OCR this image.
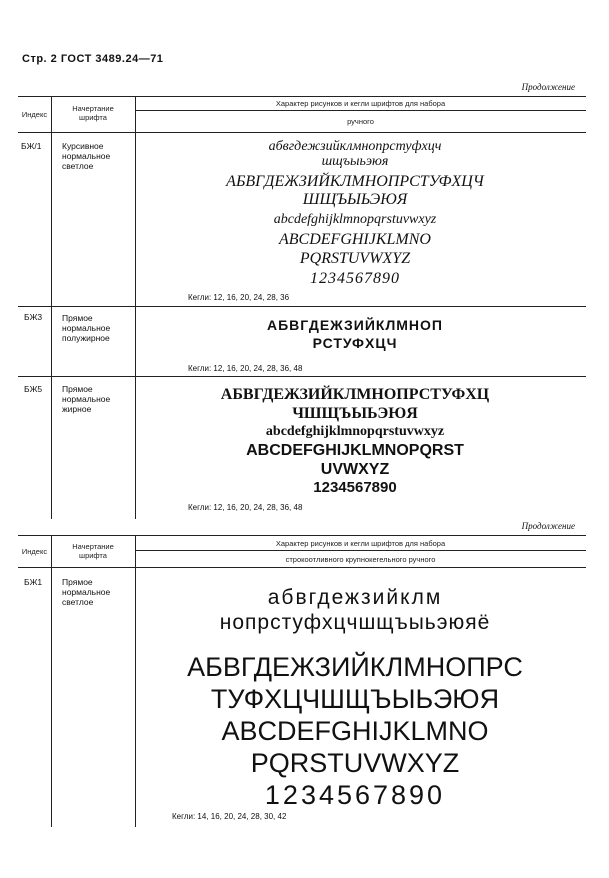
Стр. 2 ГОСТ 3489.24—71
Продолжение
Индекс
Начертание шрифта
Характер рисунков и кегли шрифтов для набора
ручного
БЖ/1 Курсивное нормальное светлое
абвгдежзийклмнопрстуфхцч
шщъыьэюя
АБВГДЕЖЗИЙКЛМНОПРСТУФХЦЧ
ШЩЪЫЬЭЮЯ
abcdefghijklmnopqrstuvwxyz
ABCDEFGHIJKLMNO
PQRSTUVWXYZ
1234567890
Кегли: 12, 16, 20, 24, 28, 36
БЖ3 Прямое нормальное полужирное
АБВГДЕЖЗИЙКЛМНОП
РСТУФХЦЧ
Кегли: 12, 16, 20, 24, 28, 36, 48
БЖ5 Прямое нормальное жирное
АБВГДЕЖЗИЙКЛМНОПРСТУФХЦ
ЧШЩЪЫЬЭЮЯ
abcdefghijklmnopqrstuvwxyz
ABCDEFGHIJKLMNOPQRST
UVWXYZ
1234567890
Кегли: 12, 16, 20, 24, 28, 36, 48
Продолжение
Индекс
Начертание шрифта
Характер рисунков и кегли шрифтов для набора
строкоотливного крупнокегельного ручного
БЖ1 Прямое нормальное светлое	абвгдежзийклм
нопрстуфхцчшщъыьэюяё
АБВГДЕЖЗИЙКЛМНОПРС
ТУФХЦЧШЩЪЫЬЭЮЯ
ABCDEFGHIJKLMNO
PQRSTUVWXYZ
1234567890
Кегли: 14, 16, 20, 24, 28, 30, 42
